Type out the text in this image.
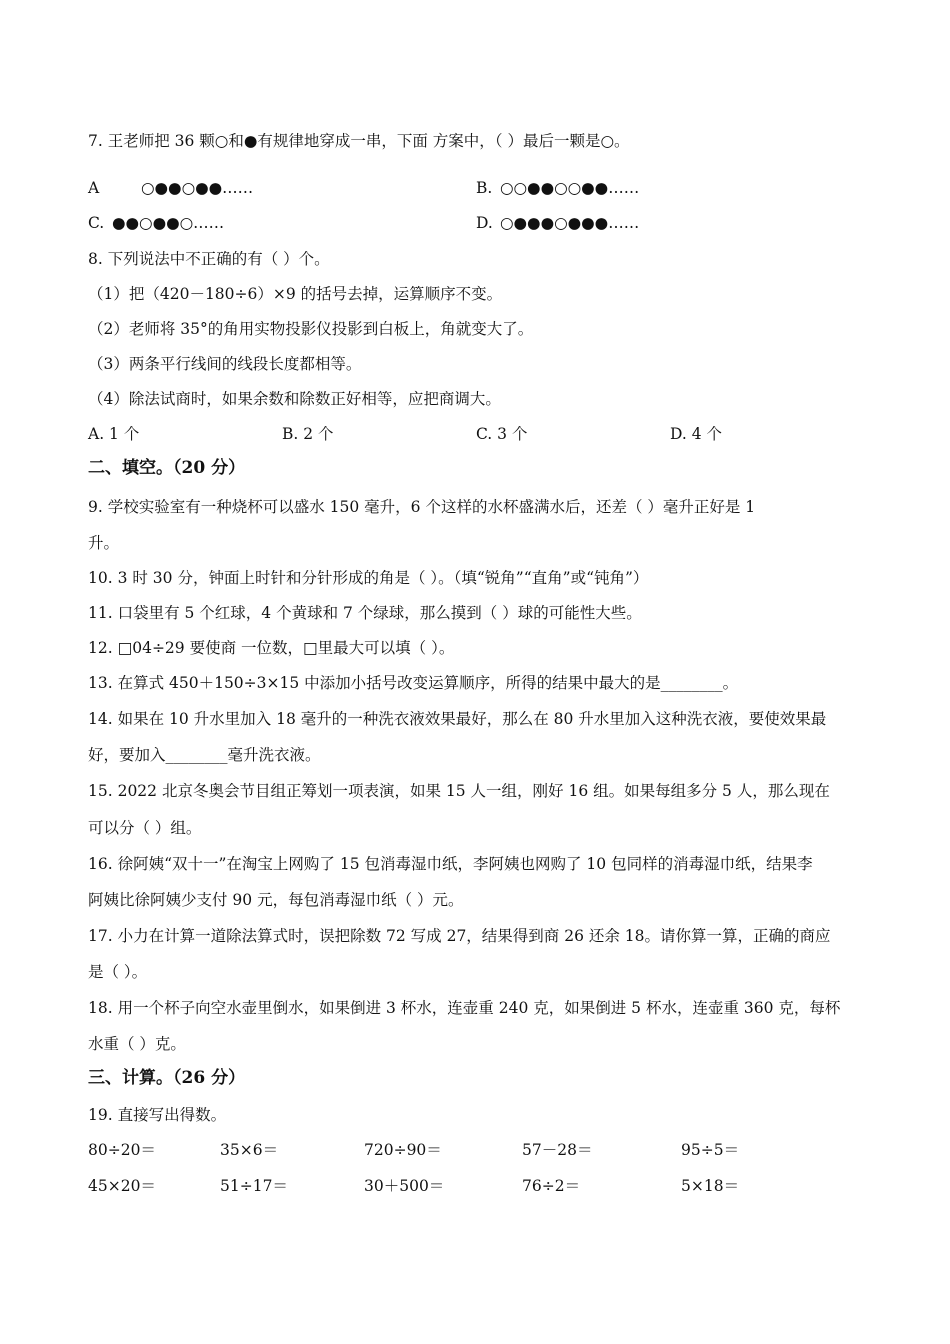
7. 王老师把 36 颗○和●有规律地穿成一串，下面 方案中，（ ）最后一颗是○。
A	○●●○●●……	B. ○○●●○○●●……
C. ●●○●●○……	D. ○●●●○●●●……
8. 下列说法中不正确的有（ ）个。
（1）把（420－180÷6）×9 的括号去掉，运算顺序不变。
（2）老师将 35°的角用实物投影仪投影到白板上，角就变大了。
（3）两条平行线间的线段长度都相等。
（4）除法试商时，如果余数和除数正好相等，应把商调大。
A. 1 个	B. 2 个	C. 3 个	D. 4 个
二、填空。（20 分）
9. 学校实验室有一种烧杯可以盛水 150 毫升，6 个这样的水杯盛满水后，还差（ ）毫升正好是 1
升。
10. 3 时 30 分，钟面上时针和分针形成的角是（ ）。（填“锐角”“直角”或“钝角”）
11. 口袋里有 5 个红球，4 个黄球和 7 个绿球，那么摸到（ ）球的可能性大些。
12. □04÷29 要使商 一位数，□里最大可以填（ ）。
13. 在算式 450＋150÷3×15 中添加小括号改变运算顺序，所得的结果中最大的是________。
14. 如果在 10 升水里加入 18 毫升的一种洗衣液效果最好，那么在 80 升水里加入这种洗衣液，要使效果最
好，要加入________毫升洗衣液。
15. 2022 北京冬奥会节目组正筹划一项表演，如果 15 人一组，刚好 16 组。如果每组多分 5 人，那么现在
可以分（ ）组。
16. 徐阿姨“双十一”在淘宝上网购了 15 包消毒湿巾纸，李阿姨也网购了 10 包同样的消毒湿巾纸，结果李
阿姨比徐阿姨少支付 90 元，每包消毒湿巾纸（ ）元。
17. 小力在计算一道除法算式时，误把除数 72 写成 27，结果得到商 26 还余 18。请你算一算，正确的商应
是（ ）。
18. 用一个杯子向空水壶里倒水，如果倒进 3 杯水，连壶重 240 克，如果倒进 5 杯水，连壶重 360 克，每杯
水重（ ）克。
三、计算。（26 分）
19. 直接写出得数。
80÷20＝	35×6＝	720÷90＝	57－28＝	95÷5＝
45×20＝	51÷17＝	30＋500＝	76÷2＝	5×18＝
